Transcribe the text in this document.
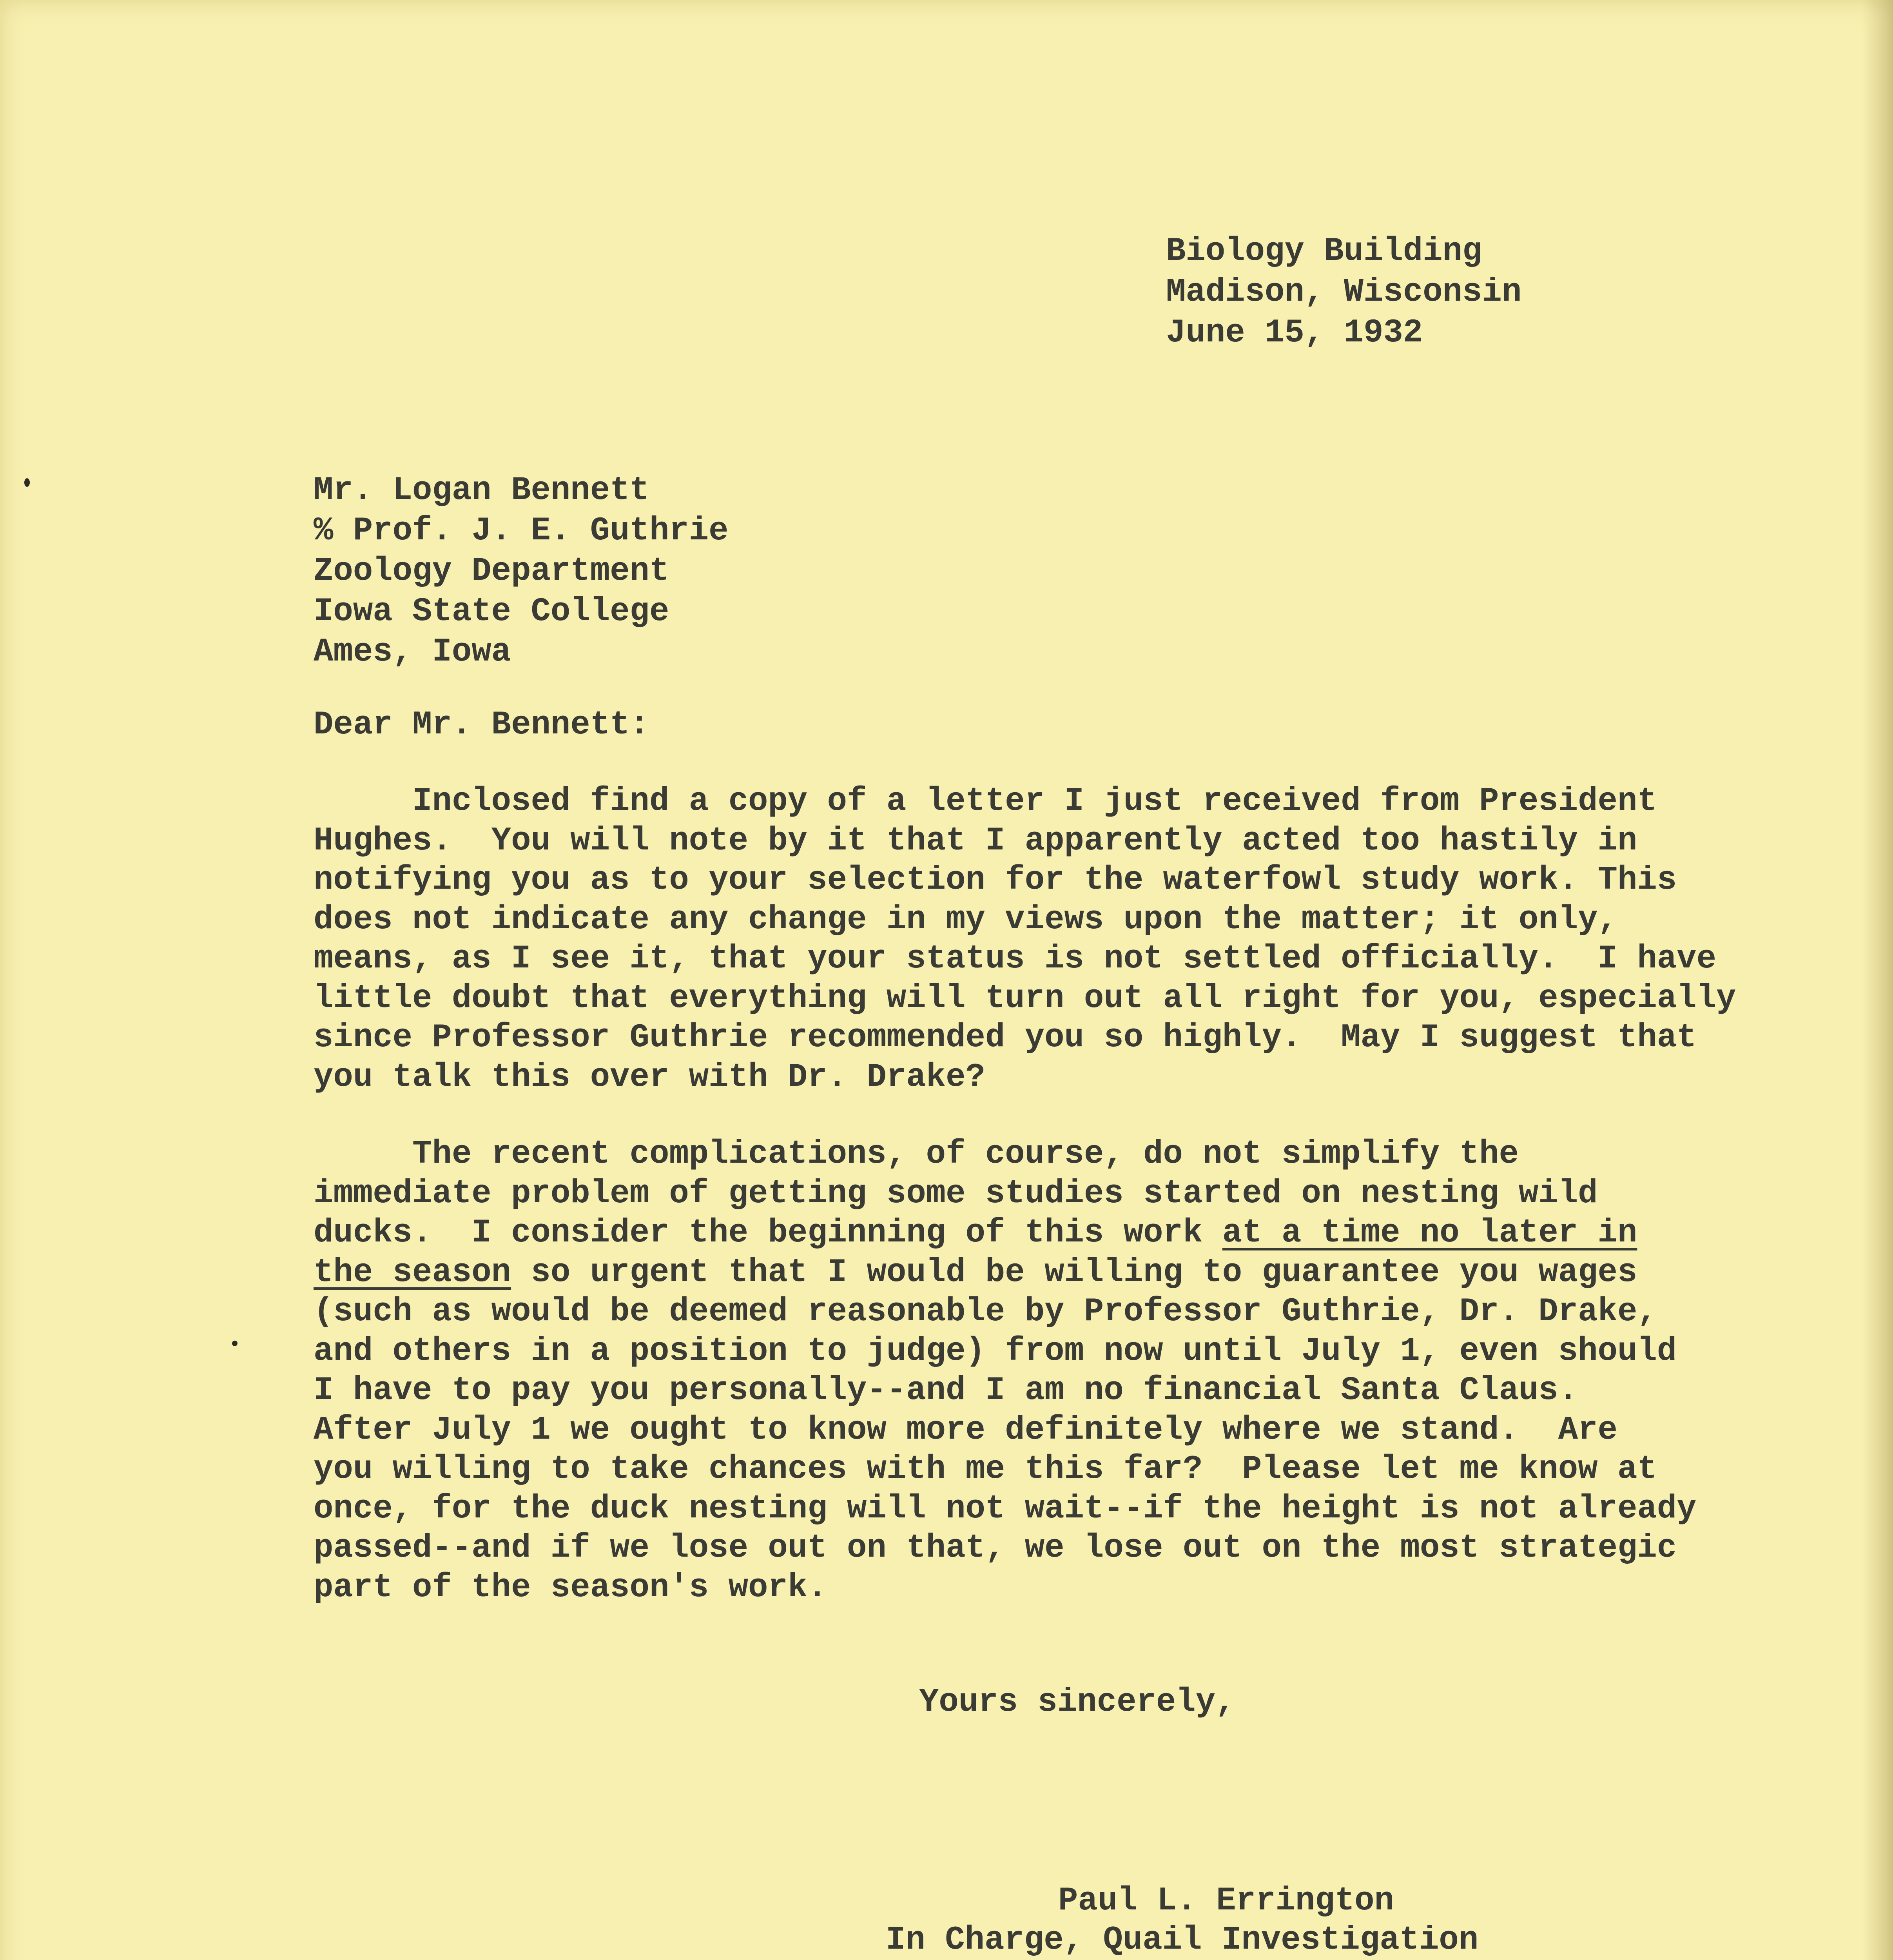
Biology Building
Madison, Wisconsin
June 15, 1932
Mr. Logan Bennett
% Prof. J. E. Guthrie
Zoology Department
Iowa State College
Ames, Iowa
Dear Mr. Bennett:
Inclosed find a copy of a letter I just received from President
Hughes.  You will note by it that I apparently acted too hastily in
notifying you as to your selection for the waterfowl study work. This
does not indicate any change in my views upon the matter; it only,
means, as I see it, that your status is not settled officially.  I have
little doubt that everything will turn out all right for you, especially
since Professor Guthrie recommended you so highly.  May I suggest that
you talk this over with Dr. Drake?
The recent complications, of course, do not simplify the
immediate problem of getting some studies started on nesting wild
ducks.  I consider the beginning of this work at a time no later in
the season so urgent that I would be willing to guarantee you wages
(such as would be deemed reasonable by Professor Guthrie, Dr. Drake,
and others in a position to judge) from now until July 1, even should
I have to pay you personally--and I am no financial Santa Claus.
After July 1 we ought to know more definitely where we stand.  Are
you willing to take chances with me this far?  Please let me know at
once, for the duck nesting will not wait--if the height is not already
passed--and if we lose out on that, we lose out on the most strategic
part of the season's work.
Yours sincerely,
Paul L. Errington
In Charge, Quail Investigation
